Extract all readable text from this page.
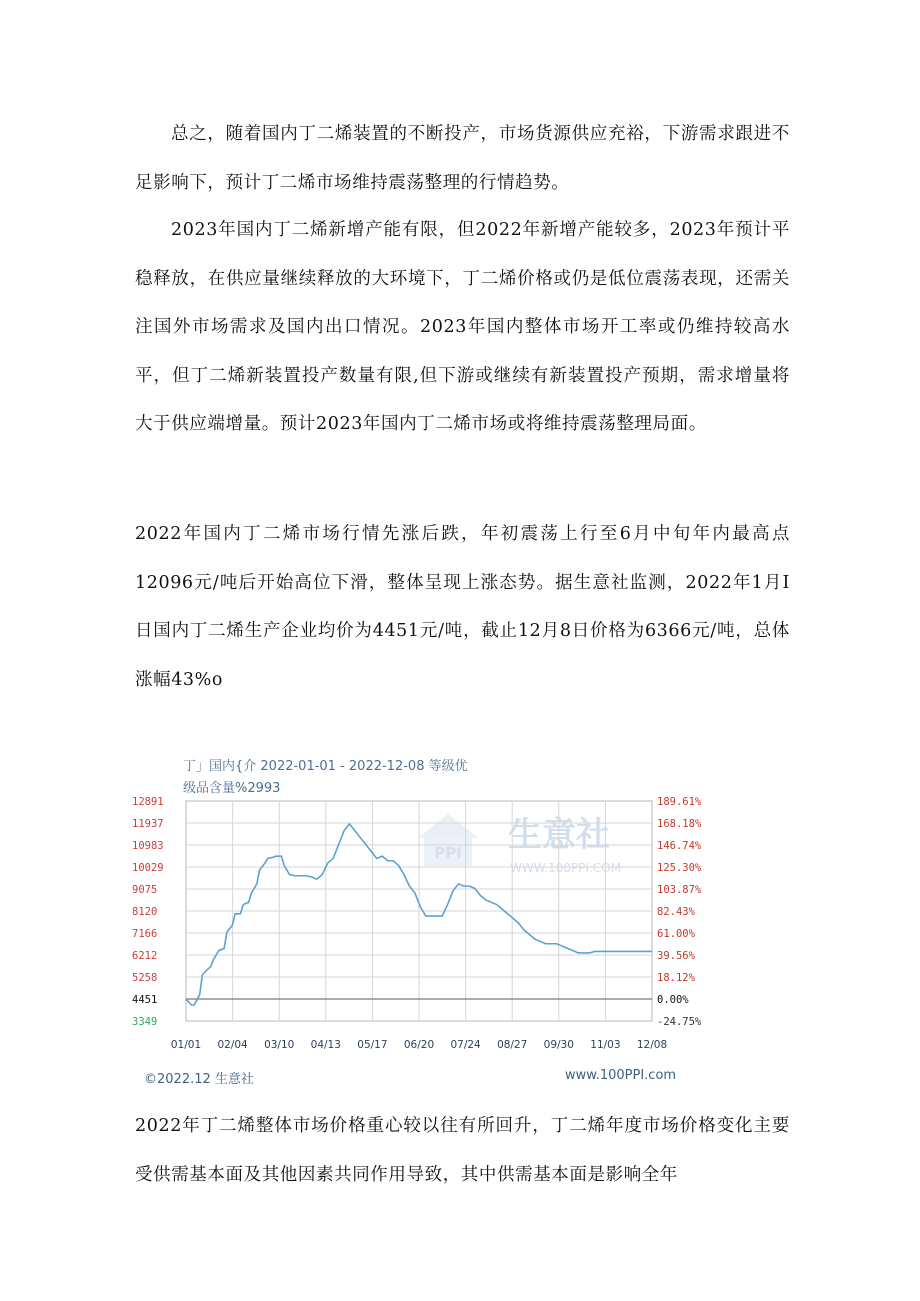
总之，随着国内丁二烯装置的不断投产，市场货源供应充裕，下游需求跟进不足影响下，预计丁二烯市场维持震荡整理的行情趋势。

2023年国内丁二烯新增产能有限，但2022年新增产能较多，2023年预计平稳释放，在供应量继续释放的大环境下，丁二烯价格或仍是低位震荡表现，还需关注国外市场需求及国内出口情况。2023年国内整体市场开工率或仍维持较高水平，但丁二烯新装置投产数量有限,但下游或继续有新装置投产预期，需求增量将大于供应端增量。预计2023年国内丁二烯市场或将维持震荡整理局面。

2022年国内丁二烯市场行情先涨后跌，年初震荡上行至6月中旬年内最高点12096元/吨后开始高位下滑，整体呈现上涨态势。据生意社监测，2022年1月Ⅰ日国内丁二烯生产企业均价为4451元/吨，截止12月8日价格为6366元/吨，总体涨幅43%o

丁」国内{介 2022-01-01 - 2022-12-08 等级优
级品含量%2993
PPI 生意社
WWW.100PPI.COM
12891	189.61%
11937	168.18%
10983	146.74%
10029	125.30%
9075	103.87%
8120	82.43%
7166	61.00%
6212	39.56%
5258	18.12%
4451	0.00%
3349	-24.75%
01/01 02/04 03/10 04/13 05/17 06/20 07/24 08/27 09/30 11/03 12/08
©2022.12 生意社	www.100PPI.com

2022年丁二烯整体市场价格重心较以往有所回升，丁二烯年度市场价格变化主要受供需基本面及其他因素共同作用导致，其中供需基本面是影响全年
